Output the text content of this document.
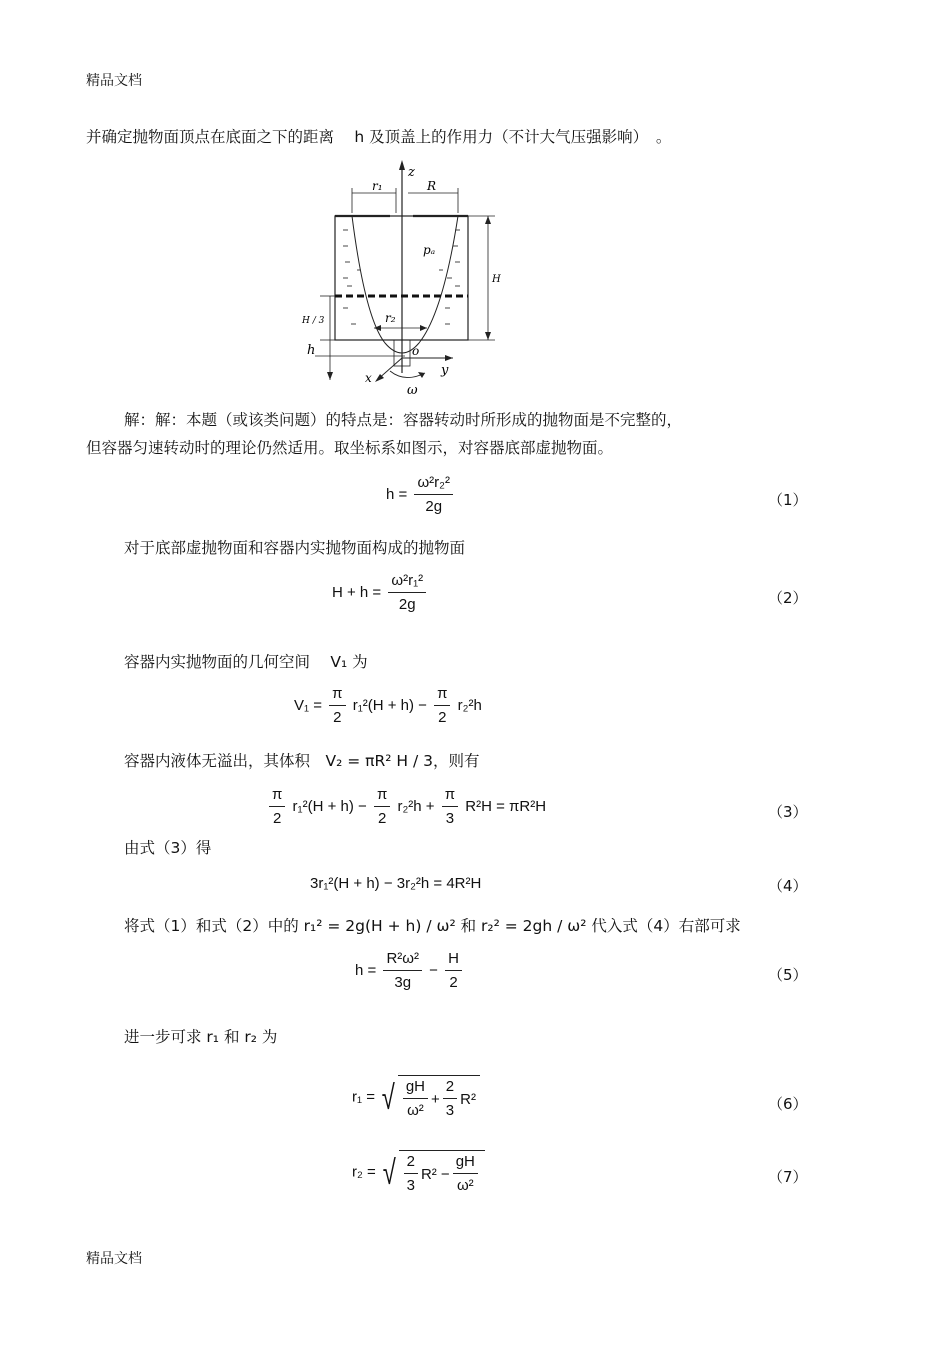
精品文档
并确定抛物面顶点在底面之下的距离　 h 及顶盖上的作用力（不计大气压强影响）　。
z
r₁	R
pₐ
H
H / 3	r₂
h	o
y
x
ω
解：解：本题（或该类问题）的特点是：容器转动时所形成的抛物面是不完整的，
但容器匀速转动时的理论仍然适用。取坐标系如图示，对容器底部虚抛物面。
$h = \frac{\text{ω²r₂²}}{2g}$	（1）
对于底部虚抛物面和容器内实抛物面构成的抛物面
$H + h = \frac{\text{ω²r₁²}}{2g}$	（2）
容器内实抛物面的几何空间　 V₁ 为
$V_1 = \frac{\pi}{2} r_1^2(H + h) - \frac{\pi}{2} r_2^2h$
容器内液体无溢出，其体积　V₂ = πR² H / 3，则有
$\frac{\pi}{2} r_1^2(H + h) - \frac{\pi}{2} r_2^2h + \frac{\pi}{3} R^2H = \pi R^2H$	（3）
由式（3）得
3r₁²(H + h) − 3r₂²h = 4R²H	（4）
将式（1）和式（2）中的 r₁² = 2g(H + h) / ω² 和 r₂² = 2gh / ω² 代入式（4）右部可求
$h = \frac{\text{R²ω²}}{3g} - \frac{H}{2}$	（5）
进一步可求 r₁ 和 r₂ 为
r₁ = √ $\frac{gH}{\text{ω²}} + \frac{2}{3} R^2$	（6）
r₂ = √ $\frac{2}{3} R^2 - \frac{gH}{\text{ω²}}$	（7）
精品文档
